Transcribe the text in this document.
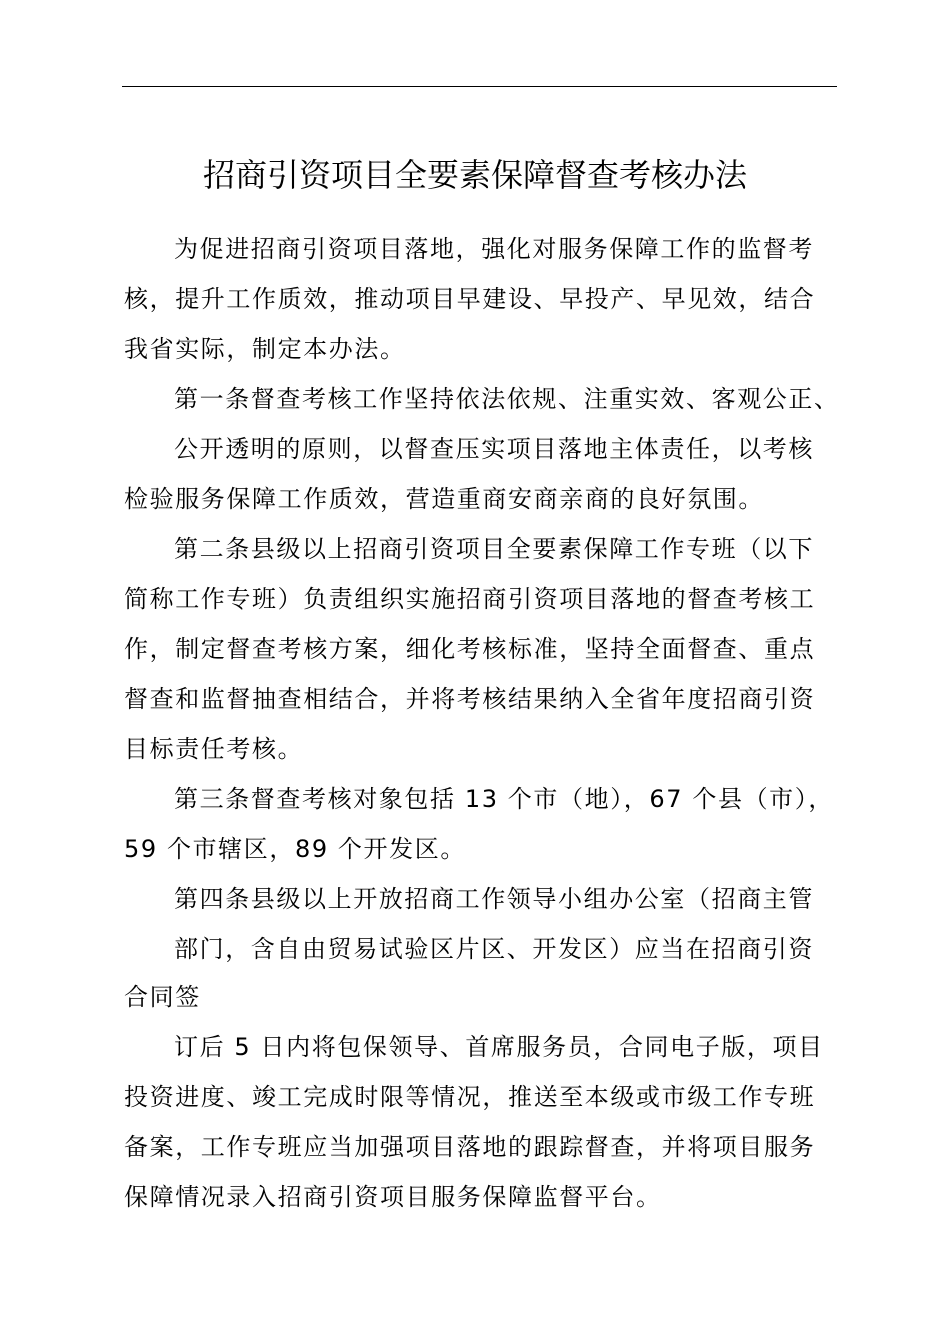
招商引资项目全要素保障督查考核办法
为促进招商引资项目落地，强化对服务保障工作的监督考
核，提升工作质效，推动项目早建设、早投产、早见效，结合
我省实际，制定本办法。
第一条督查考核工作坚持依法依规、注重实效、客观公正、
公开透明的原则，以督查压实项目落地主体责任，以考核
检验服务保障工作质效，营造重商安商亲商的良好氛围。
第二条县级以上招商引资项目全要素保障工作专班（以下
简称工作专班）负责组织实施招商引资项目落地的督查考核工
作，制定督查考核方案，细化考核标准，坚持全面督查、重点
督查和监督抽查相结合，并将考核结果纳入全省年度招商引资
目标责任考核。
第三条督查考核对象包括 13 个市（地），67 个县（市），
59 个市辖区，89 个开发区。
第四条县级以上开放招商工作领导小组办公室（招商主管
部门，含自由贸易试验区片区、开发区）应当在招商引资
合同签
订后 5 日内将包保领导、首席服务员，合同电子版，项目
投资进度、竣工完成时限等情况，推送至本级或市级工作专班
备案，工作专班应当加强项目落地的跟踪督查，并将项目服务
保障情况录入招商引资项目服务保障监督平台。
